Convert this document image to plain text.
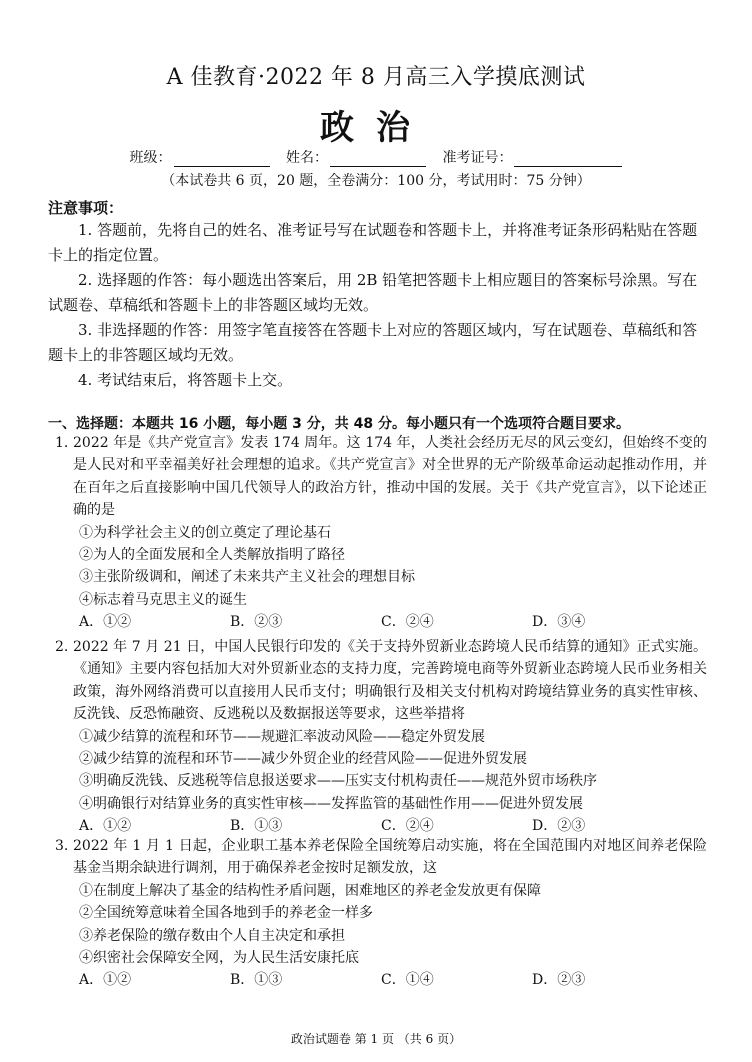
A 佳教育·2022 年 8 月高三入学摸底测试
政治
班级：	姓名：	准考证号：
（本试卷共 6 页，20 题，全卷满分：100 分，考试用时：75 分钟）
注意事项：

1. 答题前，先将自己的姓名、准考证号写在试题卷和答题卡上，并将准考证条形码粘贴在答题卡上的指定位置。

2. 选择题的作答：每小题选出答案后，用 2B 铅笔把答题卡上相应题目的答案标号涂黑。写在试题卷、草稿纸和答题卡上的非答题区域均无效。

3. 非选择题的作答：用签字笔直接答在答题卡上对应的答题区域内，写在试题卷、草稿纸和答题卡上的非答题区域均无效。

4. 考试结束后，将答题卡上交。

一、选择题：本题共 16 小题，每小题 3 分，共 48 分。每小题只有一个选项符合题目要求。
1. 2022 年是《共产党宣言》发表 174 周年。这 174 年，人类社会经历无尽的风云变幻，但始终不变的是人民对和平幸福美好社会理想的追求。《共产党宣言》对全世界的无产阶级革命运动起推动作用，并在百年之后直接影响中国几代领导人的政治方针，推动中国的发展。关于《共产党宣言》，以下论述正确的是
①为科学社会主义的创立奠定了理论基石
②为人的全面发展和全人类解放指明了路径
③主张阶级调和，阐述了未来共产主义社会的理想目标
④标志着马克思主义的诞生
A．①②	B．②③	C．②④	D．③④
2. 2022 年 7 月 21 日，中国人民银行印发的《关于支持外贸新业态跨境人民币结算的通知》正式实施。《通知》主要内容包括加大对外贸新业态的支持力度，完善跨境电商等外贸新业态跨境人民币业务相关政策，海外网络消费可以直接用人民币支付；明确银行及相关支付机构对跨境结算业务的真实性审核、反洗钱、反恐怖融资、反逃税以及数据报送等要求，这些举措将
①减少结算的流程和环节——规避汇率波动风险——稳定外贸发展
②减少结算的流程和环节——减少外贸企业的经营风险——促进外贸发展
③明确反洗钱、反逃税等信息报送要求——压实支付机构责任——规范外贸市场秩序
④明确银行对结算业务的真实性审核——发挥监管的基础性作用——促进外贸发展
A．①②	B．①③	C．②④	D．②③
3. 2022 年 1 月 1 日起，企业职工基本养老保险全国统筹启动实施，将在全国范围内对地区间养老保险基金当期余缺进行调剂，用于确保养老金按时足额发放，这
①在制度上解决了基金的结构性矛盾问题，困难地区的养老金发放更有保障
②全国统筹意味着全国各地到手的养老金一样多
③养老保险的缴存数由个人自主决定和承担
④织密社会保障安全网，为人民生活安康托底
A．①②	B．①③	C．①④	D．②③
政治试题卷 第 1 页 （共 6 页）
